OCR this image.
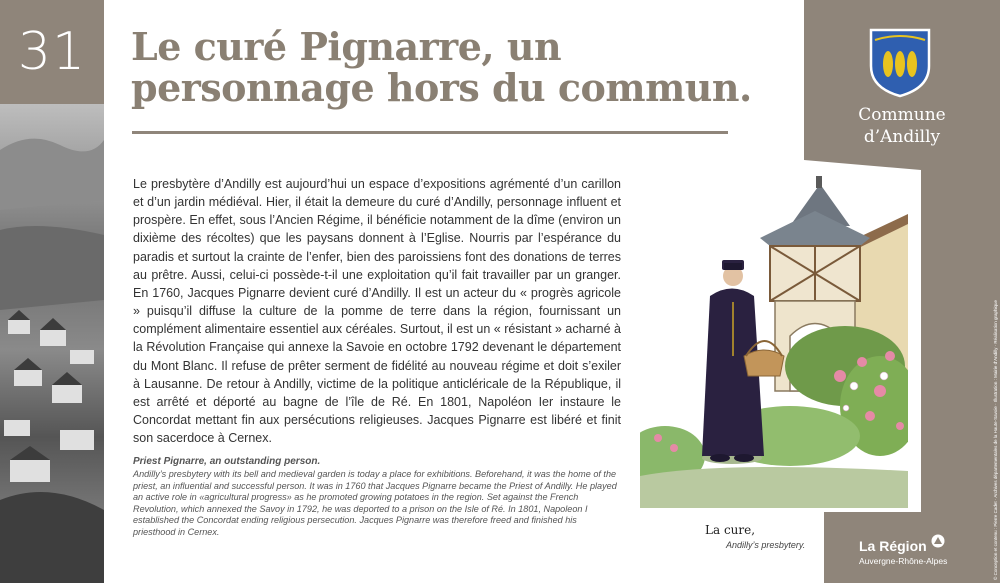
31 Le curé Pignarre, un personnage hors du commun.

Le presbytère d’Andilly est aujourd’hui un espace d’expositions agrémenté d’un carillon et d’un jardin médiéval. Hier, il était la demeure du curé d’Andilly, personnage influent et prospère. En effet, sous l’Ancien Régime, il bénéficie notamment de la dîme (environ un dixième des récoltes) que les paysans donnent à l’Eglise. Nourris par l’espérance du paradis et surtout la crainte de l’enfer, bien des paroissiens font des donations de terres au prêtre. Aussi, celui-ci possède-t-il une exploitation qu’il fait travailler par un granger. En 1760, Jacques Pignarre devient curé d’Andilly. Il est un acteur du « progrès agricole » puisqu’il diffuse la culture de la pomme de terre dans la région, fournissant un complément alimentaire essentiel aux céréales. Surtout, il est un « résistant » acharné à la Révolution Française qui annexe la Savoie en octobre 1792 devenant le département du Mont Blanc. Il refuse de prêter serment de fidélité au nouveau régime et doit s’exiler à Lausanne. De retour à Andilly, victime de la politique anticléricale de la République, il est arrêté et déporté au bagne de l’île de Ré. En 1801, Napoléon Ier instaure le Concordat mettant fin aux persécutions religieuses. Jacques Pignarre est libéré et finit son sacerdoce à Cernex.

Priest Pignarre, an outstanding person.

Andilly’s presbytery with its bell and medieval garden is today a place for exhibitions. Beforehand, it was the home of the priest, an influential and successful person. It was in 1760 that Jacques Pignarre became the Priest of Andilly. He played an active role in «agricultural progress» as he promoted growing potatoes in the region. Set against the French Revolution, which annexed the Savoy in 1792, he was deported to a prison on the Isle of Ré. In 1801, Napoleon I established the Concordat ending religious persecution. Jacques Pignarre was therefore freed and finished his priesthood in Cernex.	La cure,

Andilly’s presbytery.

Commune

d’Andilly

La Région

Auvergne-Rhône-Alpes	© Conception et contenu : Pierre Cadet · Archives départementales de la Haute-Savoie · Illustration : Mairie d’Andilly · Réalisation graphique
